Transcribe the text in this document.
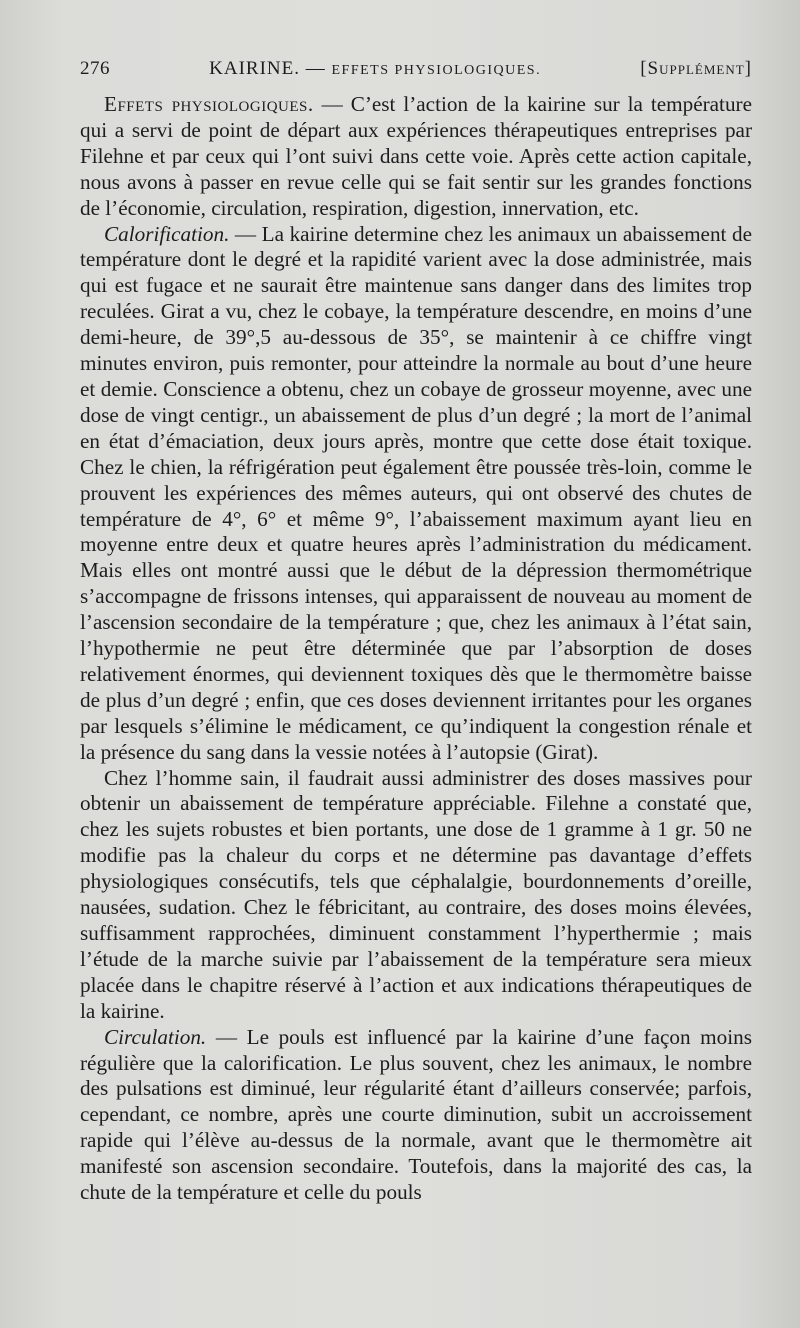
276	KAIRINE. — EFFETS PHYSIOLOGIQUES.	[Supplément]

Effets physiologiques. — C’est l’action de la kairine sur la température qui a servi de point de départ aux expériences thérapeutiques entreprises par Filehne et par ceux qui l’ont suivi dans cette voie. Après cette action capitale, nous avons à passer en revue celle qui se fait sentir sur les grandes fonctions de l’économie, circulation, respiration, digestion, innervation, etc.

Calorification. — La kairine determine chez les animaux un abaissement de température dont le degré et la rapidité varient avec la dose administrée, mais qui est fugace et ne saurait être maintenue sans danger dans des limites trop reculées. Girat a vu, chez le cobaye, la température descendre, en moins d’une demi-heure, de 39°,5 au-dessous de 35°, se maintenir à ce chiffre vingt minutes environ, puis remonter, pour atteindre la normale au bout d’une heure et demie. Conscience a obtenu, chez un cobaye de grosseur moyenne, avec une dose de vingt centigr., un abaissement de plus d’un degré ; la mort de l’animal en état d’émaciation, deux jours après, montre que cette dose était toxique. Chez le chien, la réfrigération peut également être poussée très-loin, comme le prouvent les expériences des mêmes auteurs, qui ont observé des chutes de température de 4°, 6° et même 9°, l’abaissement maximum ayant lieu en moyenne entre deux et quatre heures après l’administration du médicament. Mais elles ont montré aussi que le début de la dépression thermométrique s’accompagne de frissons intenses, qui apparaissent de nouveau au moment de l’ascension secondaire de la température ; que, chez les animaux à l’état sain, l’hypothermie ne peut être déterminée que par l’absorption de doses relativement énormes, qui deviennent toxiques dès que le thermomètre baisse de plus d’un degré ; enfin, que ces doses deviennent irritantes pour les organes par lesquels s’élimine le médicament, ce qu’indiquent la congestion rénale et la présence du sang dans la vessie notées à l’autopsie (Girat).

Chez l’homme sain, il faudrait aussi administrer des doses massives pour obtenir un abaissement de température appréciable. Filehne a constaté que, chez les sujets robustes et bien portants, une dose de 1 gramme à 1 gr. 50 ne modifie pas la chaleur du corps et ne détermine pas davantage d’effets physiologiques consécutifs, tels que céphalalgie, bourdonnements d’oreille, nausées, sudation. Chez le fébricitant, au contraire, des doses moins élevées, suffisamment rapprochées, diminuent constamment l’hyperthermie ; mais l’étude de la marche suivie par l’abaissement de la température sera mieux placée dans le chapitre réservé à l’action et aux indications thérapeutiques de la kairine.

Circulation. — Le pouls est influencé par la kairine d’une façon moins régulière que la calorification. Le plus souvent, chez les animaux, le nombre des pulsations est diminué, leur régularité étant d’ailleurs conservée; parfois, cependant, ce nombre, après une courte diminution, subit un accroissement rapide qui l’élève au-dessus de la normale, avant que le thermomètre ait manifesté son ascension secondaire. Toutefois, dans la majorité des cas, la chute de la température et celle du pouls
